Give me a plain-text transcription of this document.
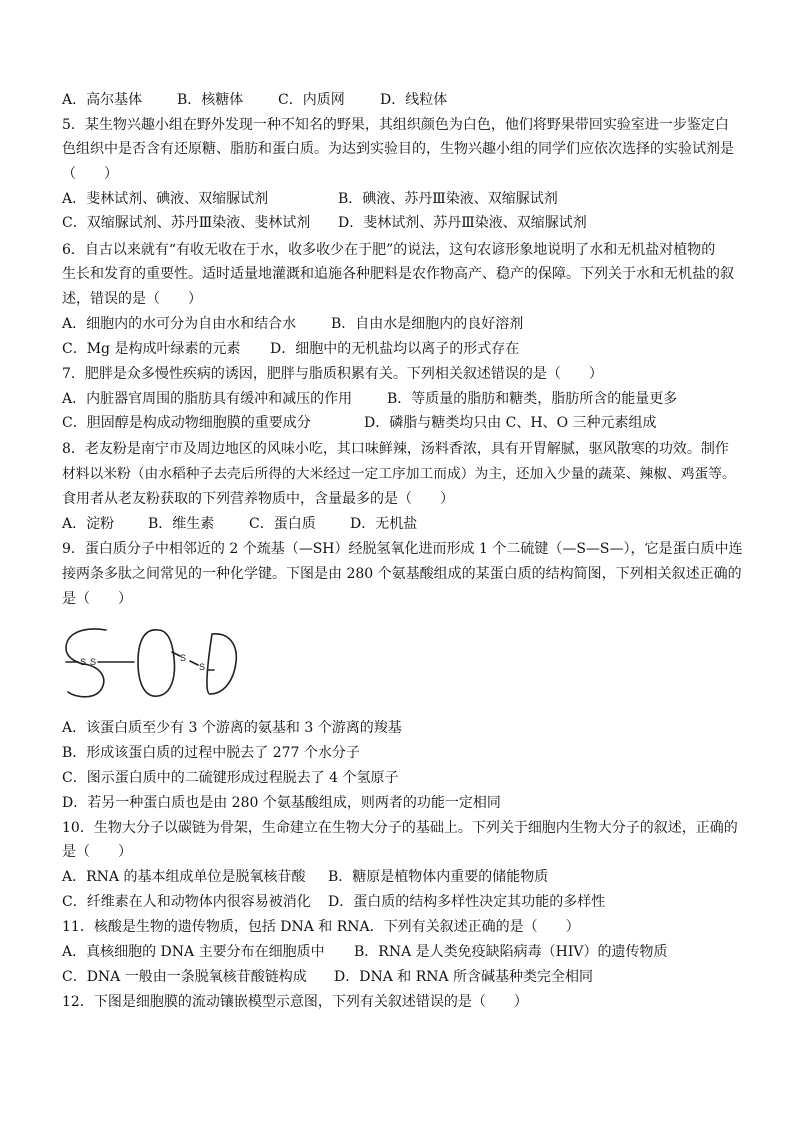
A．高尔基体 B．核糖体 C．内质网	D．线粒体
5．某生物兴趣小组在野外发现一种不知名的野果，其组织颜色为白色，他们将野果带回实验室进一步鉴定白
色组织中是否含有还原糖、脂肪和蛋白质。为达到实验目的，生物兴趣小组的同学们应依次选择的实验试剂是
（　　）
A．斐林试剂、碘液、双缩脲试剂	B．碘液、苏丹Ⅲ染液、双缩脲试剂
C．双缩脲试剂、苏丹Ⅲ染液、斐林试剂 D．斐林试剂、苏丹Ⅲ染液、双缩脲试剂
6．自古以来就有“有收无收在于水，收多收少在于肥”的说法，这句农谚形象地说明了水和无机盐对植物的
生长和发育的重要性。适时适量地灌溉和追施各种肥料是农作物高产、稳产的保障。下列关于水和无机盐的叙
述，错误的是（　　）
A．细胞内的水可分为自由水和结合水 B．自由水是细胞内的良好溶剂
C．Mg 是构成叶绿素的元素 D．细胞中的无机盐均以离子的形式存在
7．肥胖是众多慢性疾病的诱因，肥胖与脂质积累有关。下列相关叙述错误的是（　　）
A．内脏器官周围的脂肪具有缓冲和减压的作用 B．等质量的脂肪和糖类，脂肪所含的能量更多
C．胆固醇是构成动物细胞膜的重要成分	D．磷脂与糖类均只由 C、H、O 三种元素组成
8．老友粉是南宁市及周边地区的风味小吃，其口味鲜辣，汤料香浓，具有开胃解腻，驱风散寒的功效。制作
材料以米粉（由水稻种子去壳后所得的大米经过一定工序加工而成）为主，还加入少量的蔬菜、辣椒、鸡蛋等。
食用者从老友粉获取的下列营养物质中，含量最多的是（　　）
A．淀粉 B．维生素 C．蛋白质 D．无机盐
9．蛋白质分子中相邻近的 2 个巯基（—SH）经脱氢氧化进而形成 1 个二硫键（—S—S—），它是蛋白质中连
接两条多肽之间常见的一种化学键。下图是由 280 个氨基酸组成的某蛋白质的结构简图，下列相关叙述正确的
是（　　）
S S	S
S
A．该蛋白质至少有 3 个游离的氨基和 3 个游离的羧基
B．形成该蛋白质的过程中脱去了 277 个水分子
C．图示蛋白质中的二硫键形成过程脱去了 4 个氢原子
D．若另一种蛋白质也是由 280 个氨基酸组成，则两者的功能一定相同
10．生物大分子以碳链为骨架，生命建立在生物大分子的基础上。下列关于细胞内生物大分子的叙述，正确的
是（　　）
A．RNA 的基本组成单位是脱氧核苷酸 B．糖原是植物体内重要的储能物质
C．纤维素在人和动物体内很容易被消化 D．蛋白质的结构多样性决定其功能的多样性
11．核酸是生物的遗传物质，包括 DNA 和 RNA．下列有关叙述正确的是（　　）
A．真核细胞的 DNA 主要分布在细胞质中 B．RNA 是人类免疫缺陷病毒（HIV）的遗传物质
C．DNA 一般由一条脱氧核苷酸链构成 D．DNA 和 RNA 所含碱基种类完全相同
12．下图是细胞膜的流动镶嵌模型示意图，下列有关叙述错误的是（　　）
